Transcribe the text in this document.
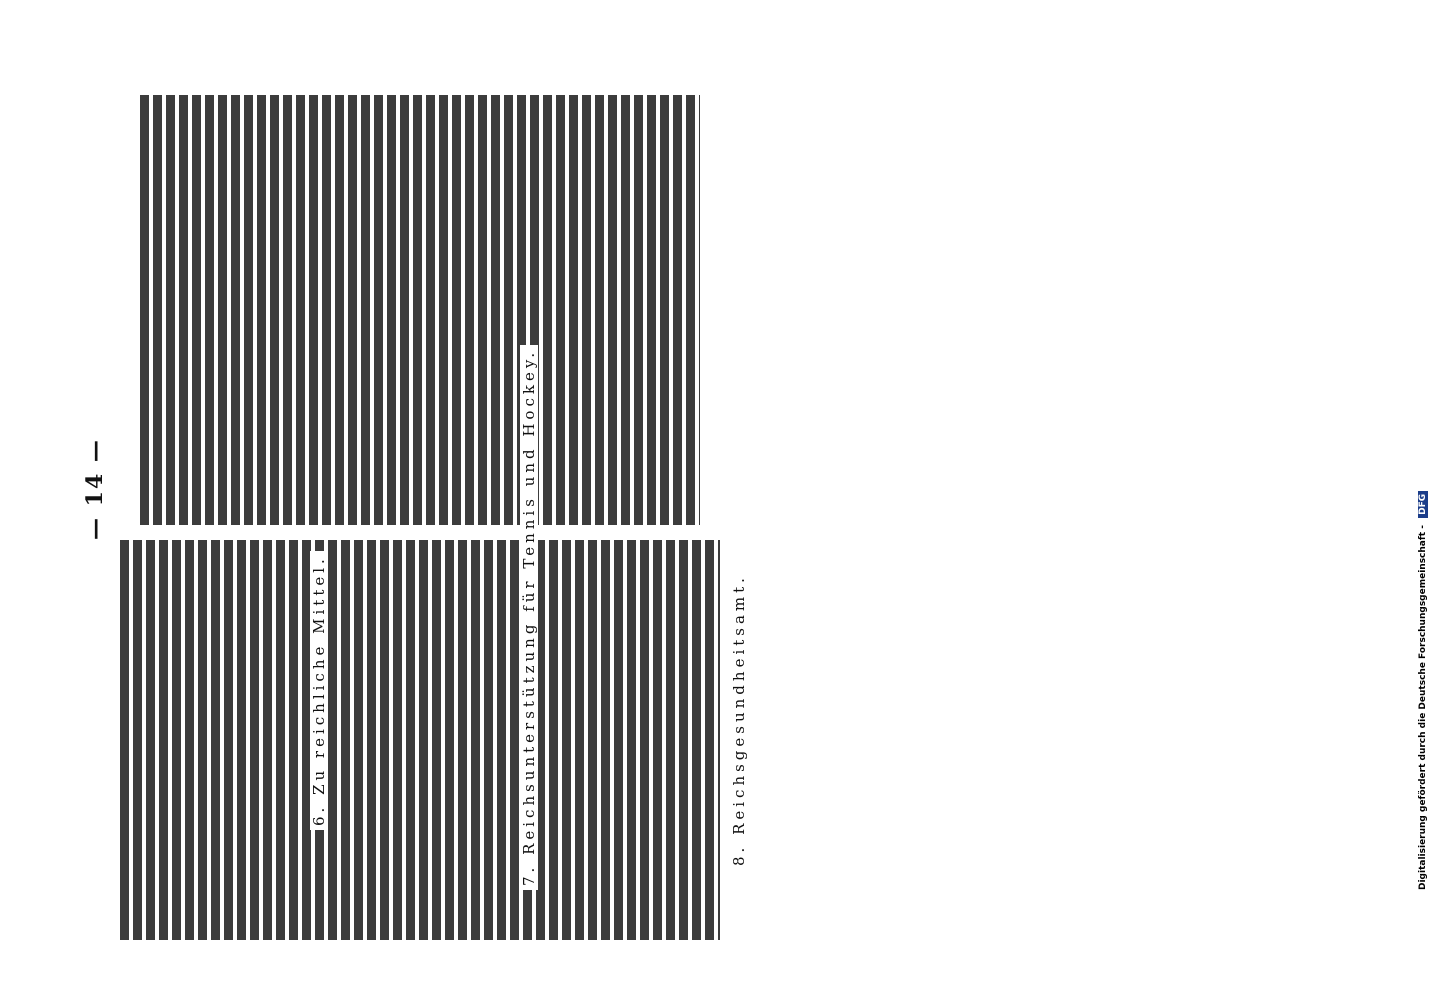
— 14 —
6. Zu reichliche Mittel.	7. Reichsunterstützung für Tennis und Hockey.	8. Reichsgesundheitsamt.	Digitalisierung gefördert durch die Deutsche Forschungsgemeinschaft - DFG
